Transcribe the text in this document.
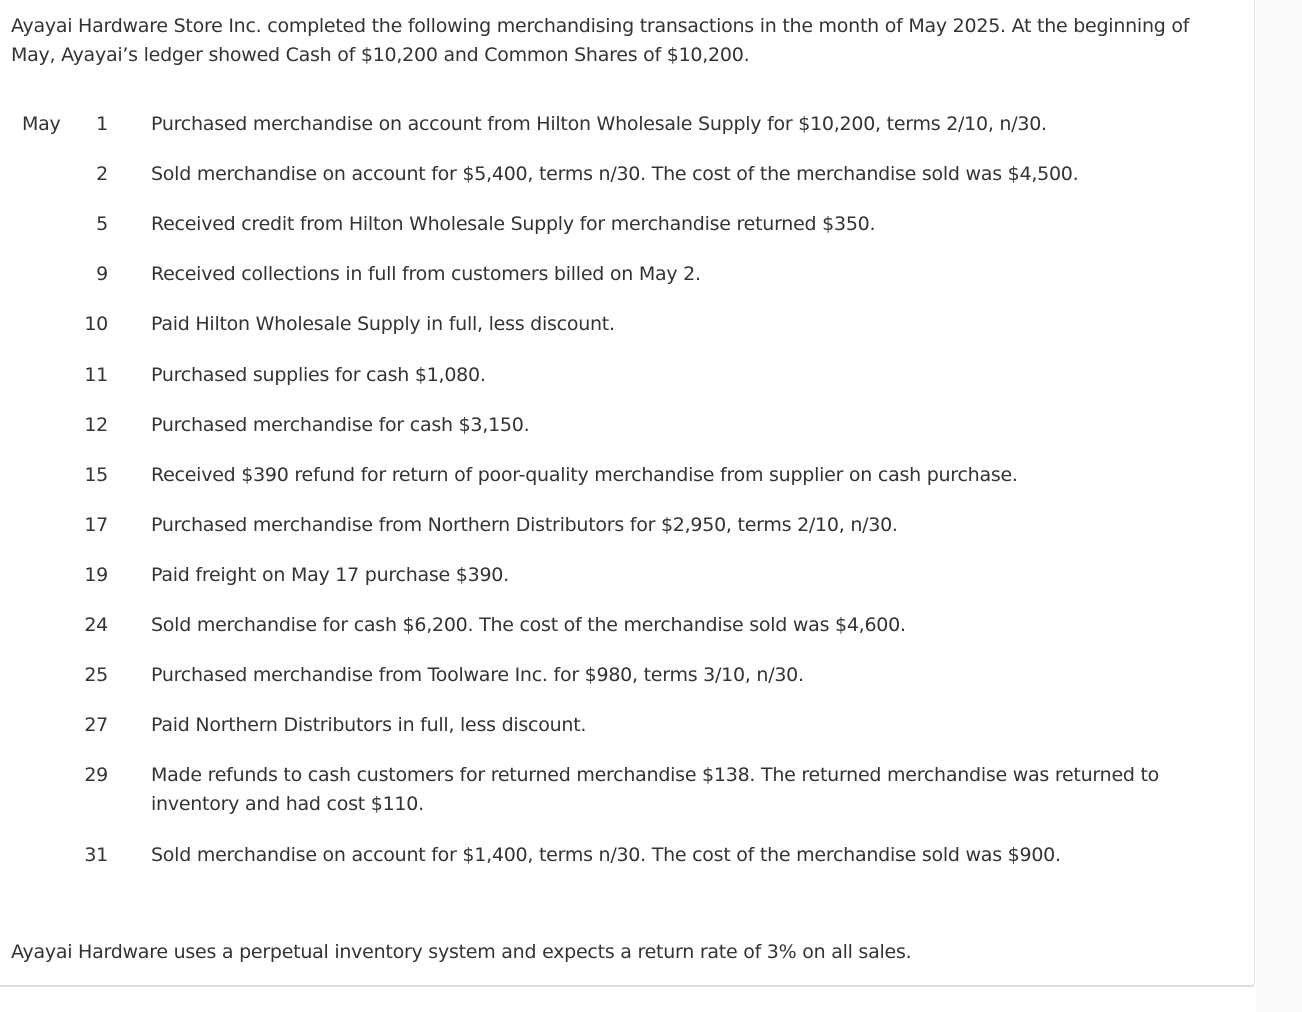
Ayayai Hardware Store Inc. completed the following merchandising transactions in the month of May 2025. At the beginning of May, Ayayai’s ledger showed Cash of $10,200 and Common Shares of $10,200.
May	1 Purchased merchandise on account from Hilton Wholesale Supply for $10,200, terms 2/10, n/30.
2 Sold merchandise on account for $5,400, terms n/30. The cost of the merchandise sold was $4,500.
5 Received credit from Hilton Wholesale Supply for merchandise returned $350.
9 Received collections in full from customers billed on May 2.
10 Paid Hilton Wholesale Supply in full, less discount.
11 Purchased supplies for cash $1,080.
12 Purchased merchandise for cash $3,150.
15 Received $390 refund for return of poor-quality merchandise from supplier on cash purchase.
17 Purchased merchandise from Northern Distributors for $2,950, terms 2/10, n/30.
19 Paid freight on May 17 purchase $390.
24 Sold merchandise for cash $6,200. The cost of the merchandise sold was $4,600.
25 Purchased merchandise from Toolware Inc. for $980, terms 3/10, n/30.
27 Paid Northern Distributors in full, less discount.
29 Made refunds to cash customers for returned merchandise $138. The returned merchandise was returned to inventory and had cost $110.
31 Sold merchandise on account for $1,400, terms n/30. The cost of the merchandise sold was $900.
Ayayai Hardware uses a perpetual inventory system and expects a return rate of 3% on all sales.
